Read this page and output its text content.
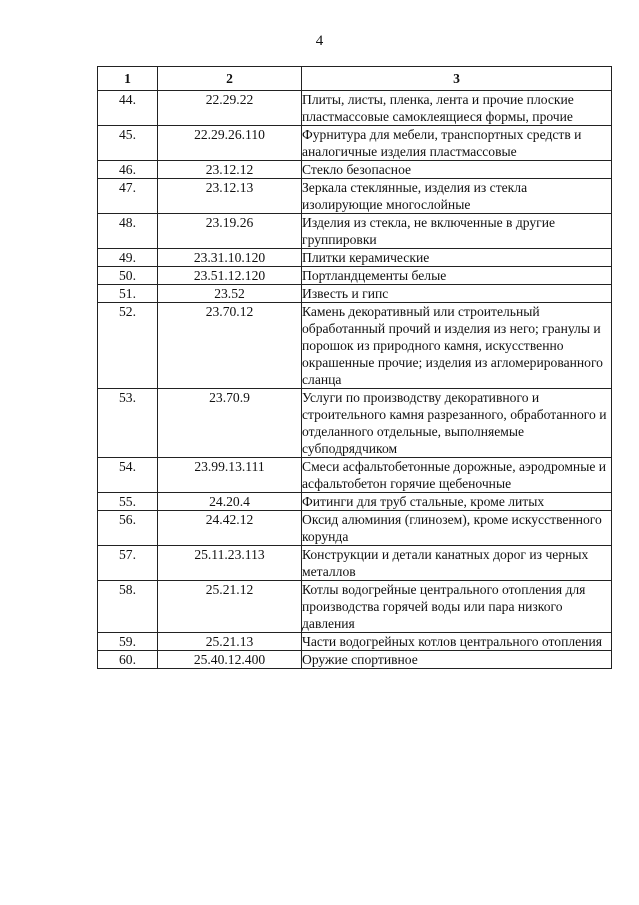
4
1	2	3
44.	22.29.22	Плиты, листы, пленка, лента и прочие плоские пластмассовые самоклеящиеся формы, прочие
45.	22.29.26.110	Фурнитура для мебели, транспортных средств и аналогичные изделия пластмассовые
46.	23.12.12	Стекло безопасное
47.	23.12.13	Зеркала стеклянные, изделия из стекла изолирующие многослойные
48.	23.19.26	Изделия из стекла, не включенные в другие группировки
49.	23.31.10.120	Плитки керамические
50.	23.51.12.120	Портландцементы белые
51.	23.52	Известь и гипс
52.	23.70.12	Камень декоративный или строительный обработанный прочий и изделия из него; гранулы и порошок из природного камня, искусственно окрашенные прочие; изделия из агломерированного сланца
53.	23.70.9	Услуги по производству декоративного и строительного камня разрезанного, обработанного и отделанного отдельные, выполняемые субподрядчиком
54.	23.99.13.111	Смеси асфальтобетонные дорожные, аэродромные и асфальтобетон горячие щебеночные
55.	24.20.4	Фитинги для труб стальные, кроме литых
56.	24.42.12	Оксид алюминия (глинозем), кроме искусственного корунда
57.	25.11.23.113	Конструкции и детали канатных дорог из черных металлов
58.	25.21.12	Котлы водогрейные центрального отопления для производства горячей воды или пара низкого давления
59.	25.21.13	Части водогрейных котлов центрального отопления
60.	25.40.12.400	Оружие спортивное
